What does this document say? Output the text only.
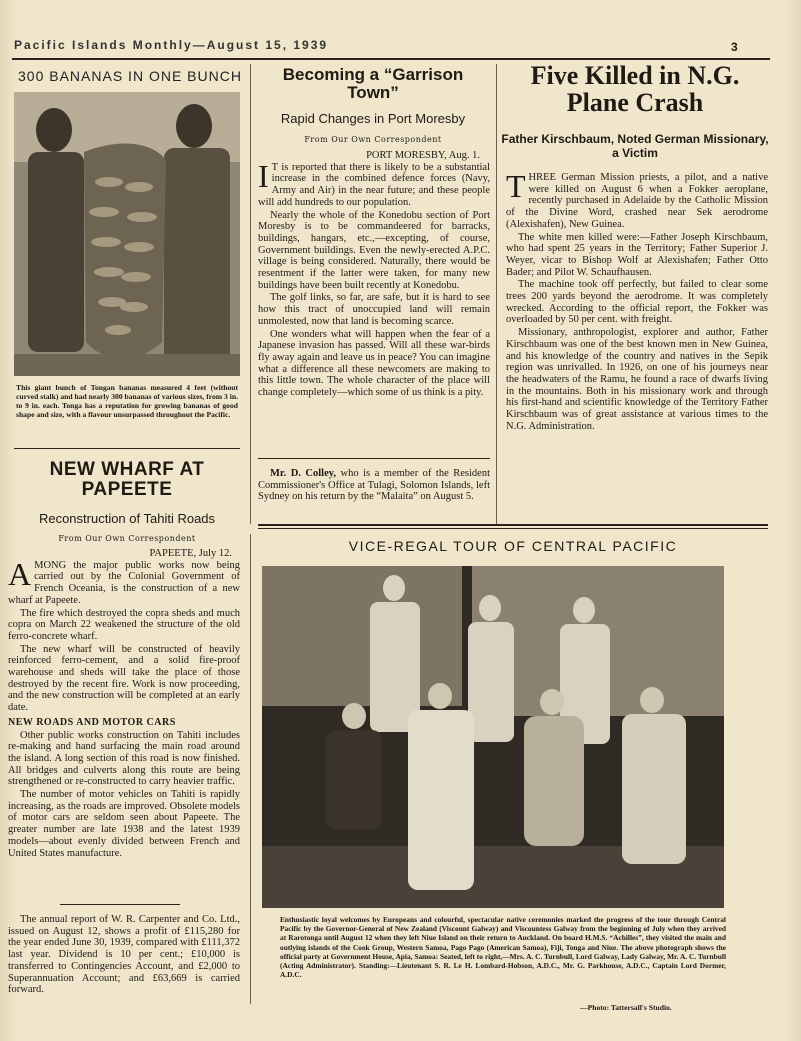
Pacific Islands Monthly—August 15, 1939	3
300 BANANAS IN ONE BUNCH
This giant bunch of Tongan bananas measured 4 feet (without curved stalk) and had nearly 300 bananas of various sizes, from 3 in. to 9 in. each. Tonga has a reputation for growing bananas of good shape and size, with a flavour unsurpassed throughout the Pacific.
NEW WHARF AT PAPEETE
Reconstruction of Tahiti Roads
From Our Own Correspondent
PAPEETE, July 12.

AMONG the major public works now being carried out by the Colonial Government of French Oceania, is the construction of a new wharf at Papeete.

The fire which destroyed the copra sheds and much copra on March 22 weakened the structure of the old ferro-concrete wharf.

The new wharf will be constructed of heavily reinforced ferro-cement, and a solid fire-proof warehouse and sheds will take the place of those destroyed by the recent fire. Work is now proceeding, and the new construction will be completed at an early date.

NEW ROADS AND MOTOR CARS

Other public works construction on Tahiti includes re-making and hand surfacing the main road around the island. A long section of this road is now finished. All bridges and culverts along this route are being strengthened or re-constructed to carry heavier traffic.

The number of motor vehicles on Tahiti is rapidly increasing, as the roads are improved. Obsolete models of motor cars are seldom seen about Papeete. The greater number are late 1938 and the latest 1939 models—about evenly divided between French and United States manufacture.

The annual report of W. R. Carpenter and Co. Ltd., issued on August 12, shows a profit of £115,280 for the year ended June 30, 1939, compared with £111,372 last year. Dividend is 10 per cent.; £10,000 is transferred to Contingencies Account, and £2,000 to Superannuation Account; and £63,669 is carried forward.

Becoming a “Garrison Town”
Rapid Changes in Port Moresby
From Our Own Correspondent
PORT MORESBY, Aug. 1.

I T is reported that there is likely to be a substantial increase in the combined defence forces (Navy, Army and Air) in the near future; and these people will add hundreds to our population.

Nearly the whole of the Konedobu section of Port Moresby is to be commandeered for barracks, buildings, hangars, etc.,—excepting, of course, Government buildings. Even the newly-erected A.P.C. village is being considered. Naturally, there would be resentment if the latter were taken, for many new buildings have been built recently at Konedobu.

The golf links, so far, are safe, but it is hard to see how this tract of unoccupied land will remain unmolested, now that land is becoming scarce.

One wonders what will happen when the fear of a Japanese invasion has passed. Will all these war-birds fly away again and leave us in peace? You can imagine what a difference all these newcomers are making to this little town. The whole character of the place will change completely—which some of us think is a pity.

Mr. D. Colley, who is a member of the Resident Commissioner's Office at Tulagi, Solomon Islands, left Sydney on his return by the “Malaita” on August 5.

Five Killed in N.G. Plane Crash
Father Kirschbaum, Noted German Missionary, a Victim

THREE German Mission priests, a pilot, and a native were killed on August 6 when a Fokker aeroplane, recently purchased in Adelaide by the Catholic Mission of the Divine Word, crashed near Sek aerodrome (Alexishafen), New Guinea.

The white men killed were:—Father Joseph Kirschbaum, who had spent 25 years in the Territory; Father Superior J. Weyer, vicar to Bishop Wolf at Alexishafen; Father Otto Bader; and Pilot W. Schaufhausen.

The machine took off perfectly, but failed to clear some trees 200 yards beyond the aerodrome. It was completely wrecked. According to the official report, the Fokker was overloaded by 50 per cent. with freight.

Missionary, anthropologist, explorer and author, Father Kirschbaum was one of the best known men in New Guinea, and his knowledge of the country and natives in the Sepik region was unrivalled. In 1926, on one of his journeys near the headwaters of the Ramu, he found a race of dwarfs living in the mountains. Both in his missionary work and through his first-hand and scientific knowledge of the Territory Father Kirschbaum was of great assistance at various times to the N.G. Administration.

VICE-REGAL TOUR OF CENTRAL PACIFIC
Enthusiastic loyal welcomes by Europeans and colourful, spectacular native ceremonies marked the progress of the tour through Central Pacific by the Governor-General of New Zealand (Viscount Galway) and Viscountess Galway from the beginning of July when they arrived at Rarotonga until August 12 when they left Niue Island on their return to Auckland. On board H.M.S. “Achilles”, they visited the main and outlying islands of the Cook Group, Western Samoa, Pago Pago (American Samoa), Fiji, Tonga and Niue. The above photograph shows the official party at Government House, Apia, Samoa: Seated, left to right,—Mrs. A. C. Turnbull, Lord Galway, Lady Galway, Mr. A. C. Turnbull (Acting Administrator). Standing:—Lieutenant S. R. Le H. Lombard-Hobson, A.D.C., Mr. G. Parkhouse, A.D.C., Captain Lord Dormer, A.D.C.
—Photo: Tattersall's Studio.
